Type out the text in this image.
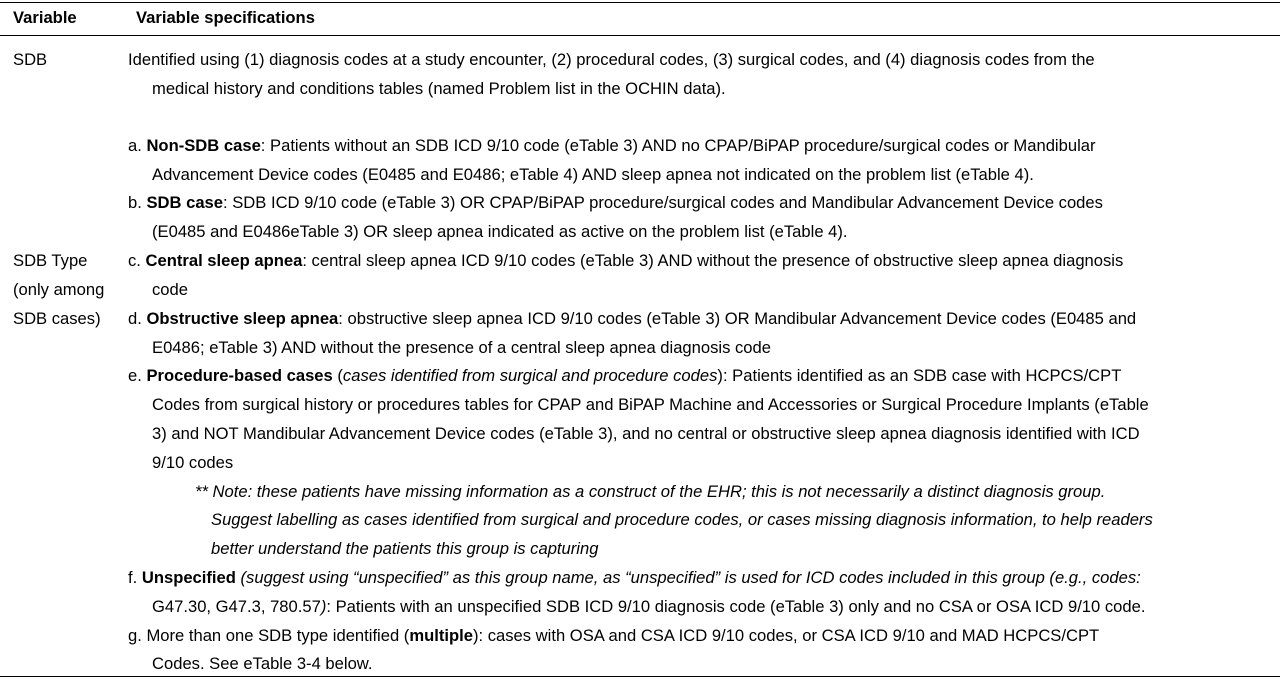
Variable	Variable specifications
SDB	Identified using (1) diagnosis codes at a study encounter, (2) procedural codes, (3) surgical codes, and (4) diagnosis codes from the
medical history and conditions tables (named Problem list in the OCHIN data).
a. Non-SDB case: Patients without an SDB ICD 9/10 code (eTable 3) AND no CPAP/BiPAP procedure/surgical codes or Mandibular
Advancement Device codes (E0485 and E0486; eTable 4) AND sleep apnea not indicated on the problem list (eTable 4).
b. SDB case: SDB ICD 9/10 code (eTable 3) OR CPAP/BiPAP procedure/surgical codes and Mandibular Advancement Device codes
(E0485 and E0486eTable 3) OR sleep apnea indicated as active on the problem list (eTable 4).
SDB Type
(only among
SDB cases)
c. Central sleep apnea: central sleep apnea ICD 9/10 codes (eTable 3) AND without the presence of obstructive sleep apnea diagnosis
code
d. Obstructive sleep apnea: obstructive sleep apnea ICD 9/10 codes (eTable 3) OR Mandibular Advancement Device codes (E0485 and
E0486; eTable 3) AND without the presence of a central sleep apnea diagnosis code
e. Procedure-based cases (cases identified from surgical and procedure codes): Patients identified as an SDB case with HCPCS/CPT
Codes from surgical history or procedures tables for CPAP and BiPAP Machine and Accessories or Surgical Procedure Implants (eTable
3) and NOT Mandibular Advancement Device codes (eTable 3), and no central or obstructive sleep apnea diagnosis identified with ICD
9/10 codes
** Note: these patients have missing information as a construct of the EHR; this is not necessarily a distinct diagnosis group.
Suggest labelling as cases identified from surgical and procedure codes, or cases missing diagnosis information, to help readers
better understand the patients this group is capturing
f. Unspecified (suggest using “unspecified” as this group name, as “unspecified” is used for ICD codes included in this group (e.g., codes:
G47.30, G47.3, 780.57): Patients with an unspecified SDB ICD 9/10 diagnosis code (eTable 3) only and no CSA or OSA ICD 9/10 code.
g. More than one SDB type identified (multiple): cases with OSA and CSA ICD 9/10 codes, or CSA ICD 9/10 and MAD HCPCS/CPT
Codes. See eTable 3-4 below.
